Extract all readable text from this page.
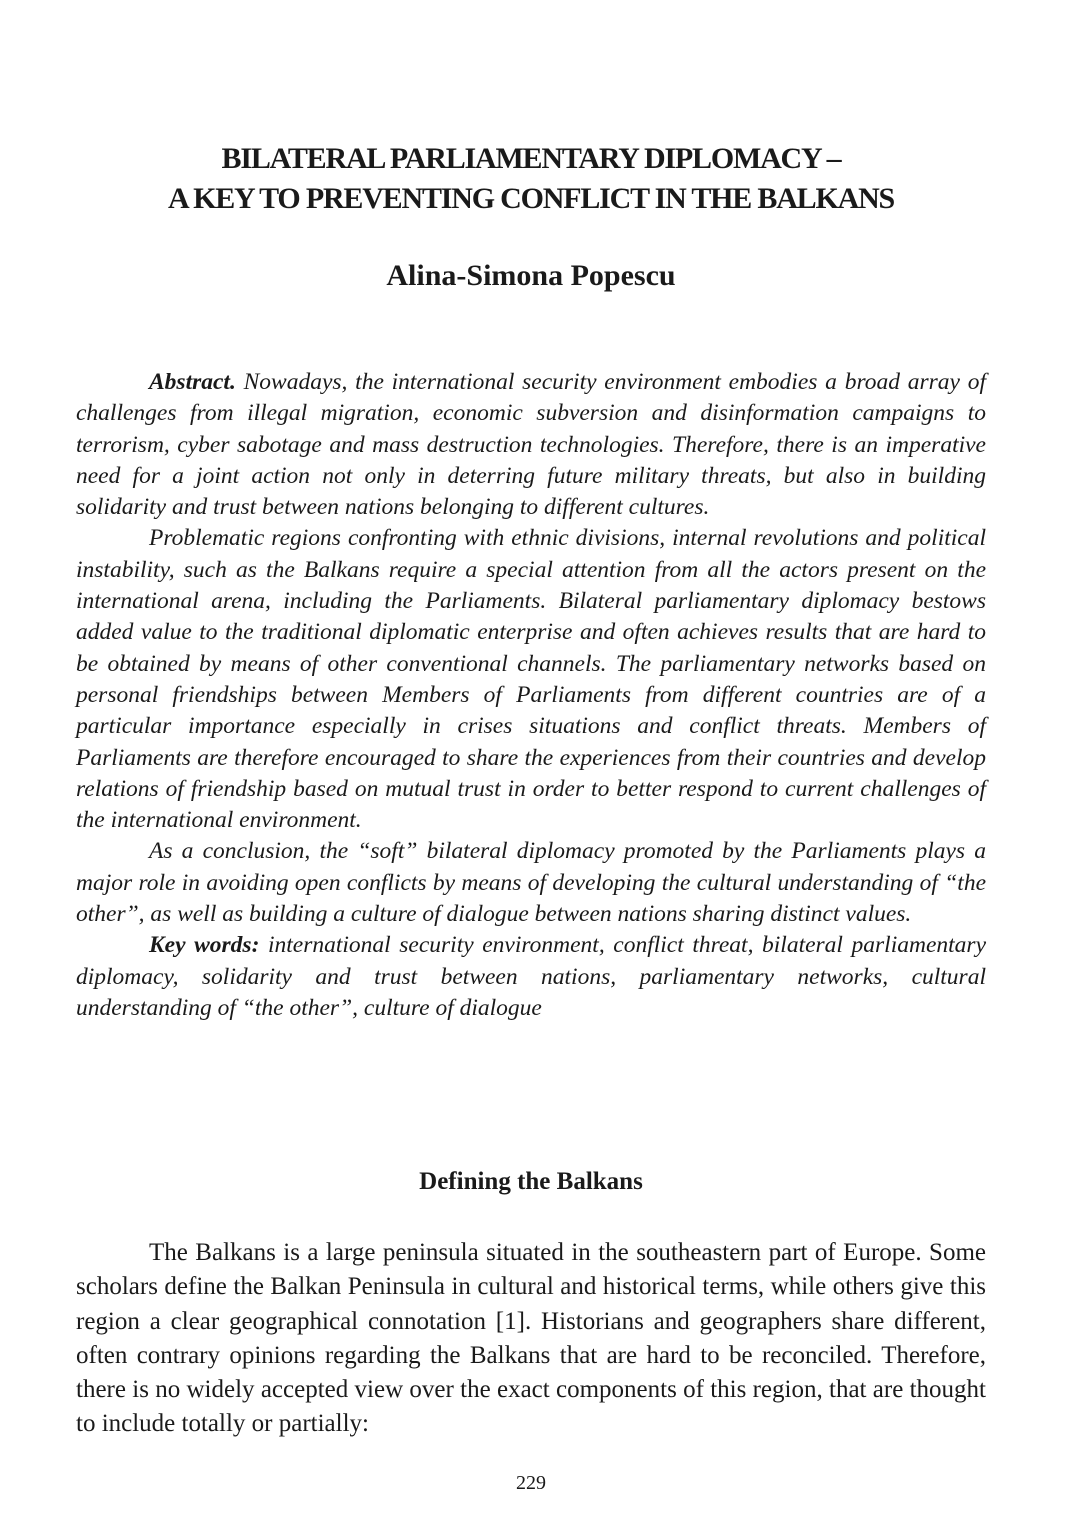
BILATERAL PARLIAMENTARY DIPLOMACY –
A KEY TO PREVENTING CONFLICT IN THE BALKANS
Alina-Simona Popescu

Abstract. Nowadays, the international security environment embodies a broad array of challenges from illegal migration, economic subversion and disinformation campaigns to terrorism, cyber sabotage and mass destruction technologies. Therefore, there is an imperative need for a joint action not only in deterring future military threats, but also in building solidarity and trust between nations belonging to different cultures.

Problematic regions confronting with ethnic divisions, internal revolutions and political instability, such as the Balkans require a special attention from all the actors present on the international arena, including the Parliaments. Bilateral parliamentary diplomacy bestows added value to the traditional diplomatic enterprise and often achieves results that are hard to be obtained by means of other conventional channels. The parliamentary networks based on personal friendships between Members of Parliaments from different countries are of a particular importance especially in crises situations and conflict threats. Members of Parliaments are therefore encouraged to share the experiences from their countries and develop relations of friendship based on mutual trust in order to better respond to current challenges of the international environment.

As a conclusion, the “soft” bilateral diplomacy promoted by the Parliaments plays a major role in avoiding open conflicts by means of developing the cultural understanding of “the other”, as well as building a culture of dialogue between nations sharing distinct values.

Key words: international security environment, conflict threat, bilateral parliamentary diplomacy, solidarity and trust between nations, parliamentary networks, cultural understanding of “the other”, culture of dialogue

Defining the Balkans

The Balkans is a large peninsula situated in the southeastern part of Europe. Some scholars define the Balkan Peninsula in cultural and historical terms, while others give this region a clear geographical connotation [1]. Historians and geographers share different, often contrary opinions regarding the Balkans that are hard to be reconciled. Therefore, there is no widely accepted view over the exact components of this region, that are thought to include totally or partially:

229
